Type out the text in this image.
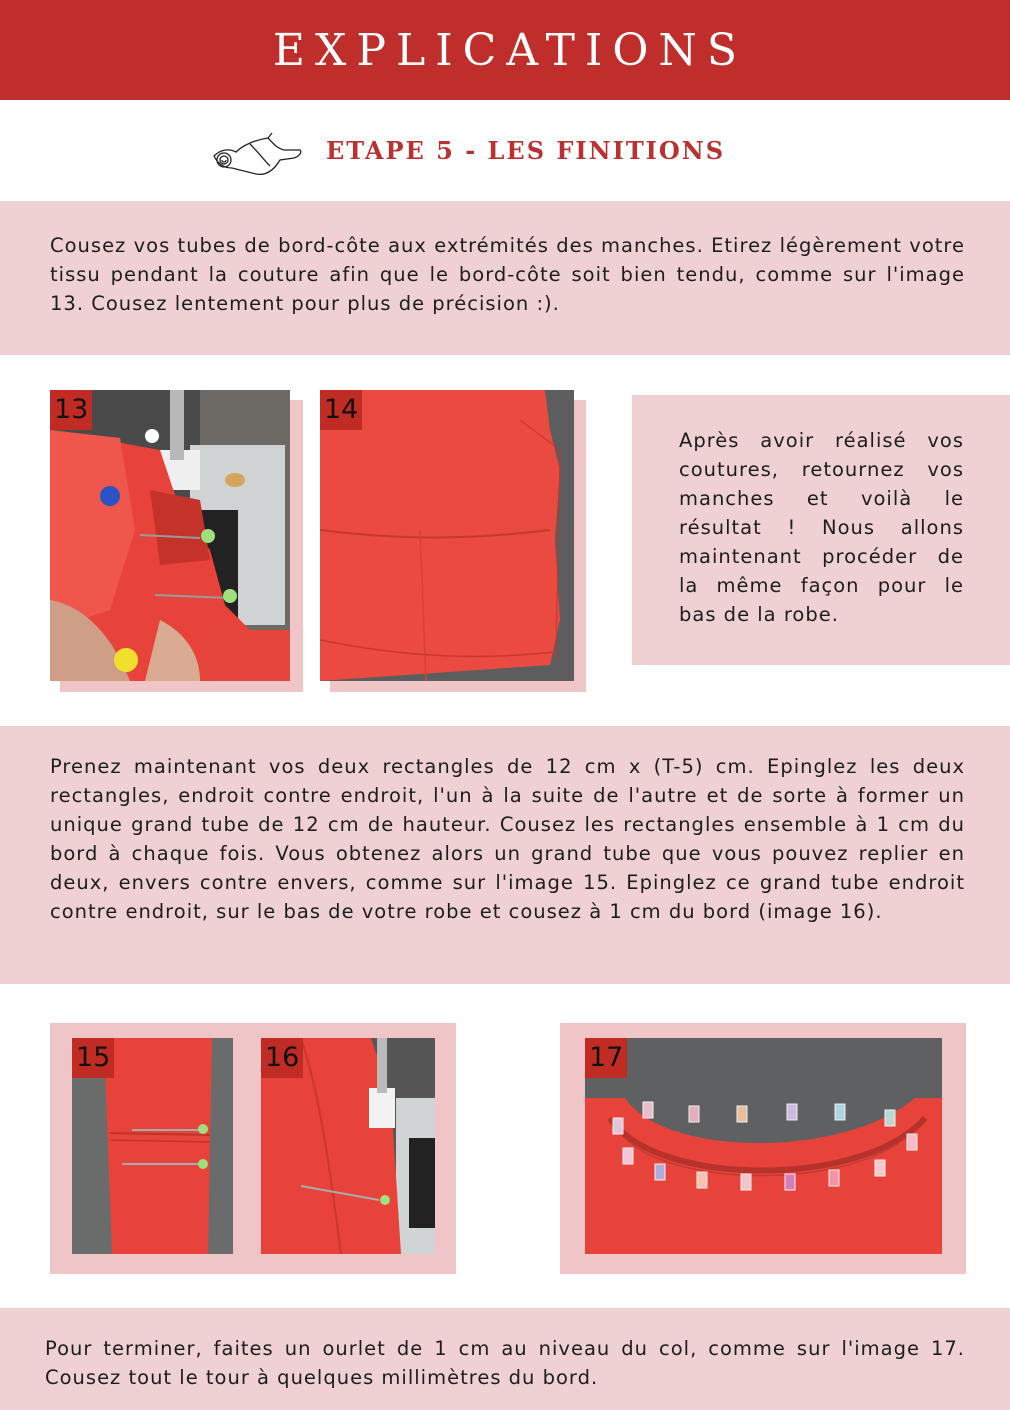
EXPLICATIONS
ETAPE 5 - LES FINITIONS
Cousez vos tubes de bord-côte aux extrémités des manches. Etirez légèrement votre tissu pendant la couture afin que le bord-côte soit bien tendu, comme sur l'image 13. Cousez lentement pour plus de précision :).
13	14
Après avoir réalisé vos coutures, retournez vos manches et voilà le résultat ! Nous allons maintenant procéder de la même façon pour le bas de la robe.
Prenez maintenant vos deux rectangles de 12 cm x (T-5) cm. Epinglez les deux rectangles, endroit contre endroit, l'un à la suite de l'autre et de sorte à former un unique grand tube de 12 cm de hauteur. Cousez les rectangles ensemble à 1 cm du bord à chaque fois. Vous obtenez alors un grand tube que vous pouvez replier en deux, envers contre envers, comme sur l'image 15. Epinglez ce grand tube endroit contre endroit, sur le bas de votre robe et cousez à 1 cm du bord (image 16).
15	16	17
Pour terminer, faites un ourlet de 1 cm au niveau du col, comme sur l'image 17. Cousez tout le tour à quelques millimètres du bord.
